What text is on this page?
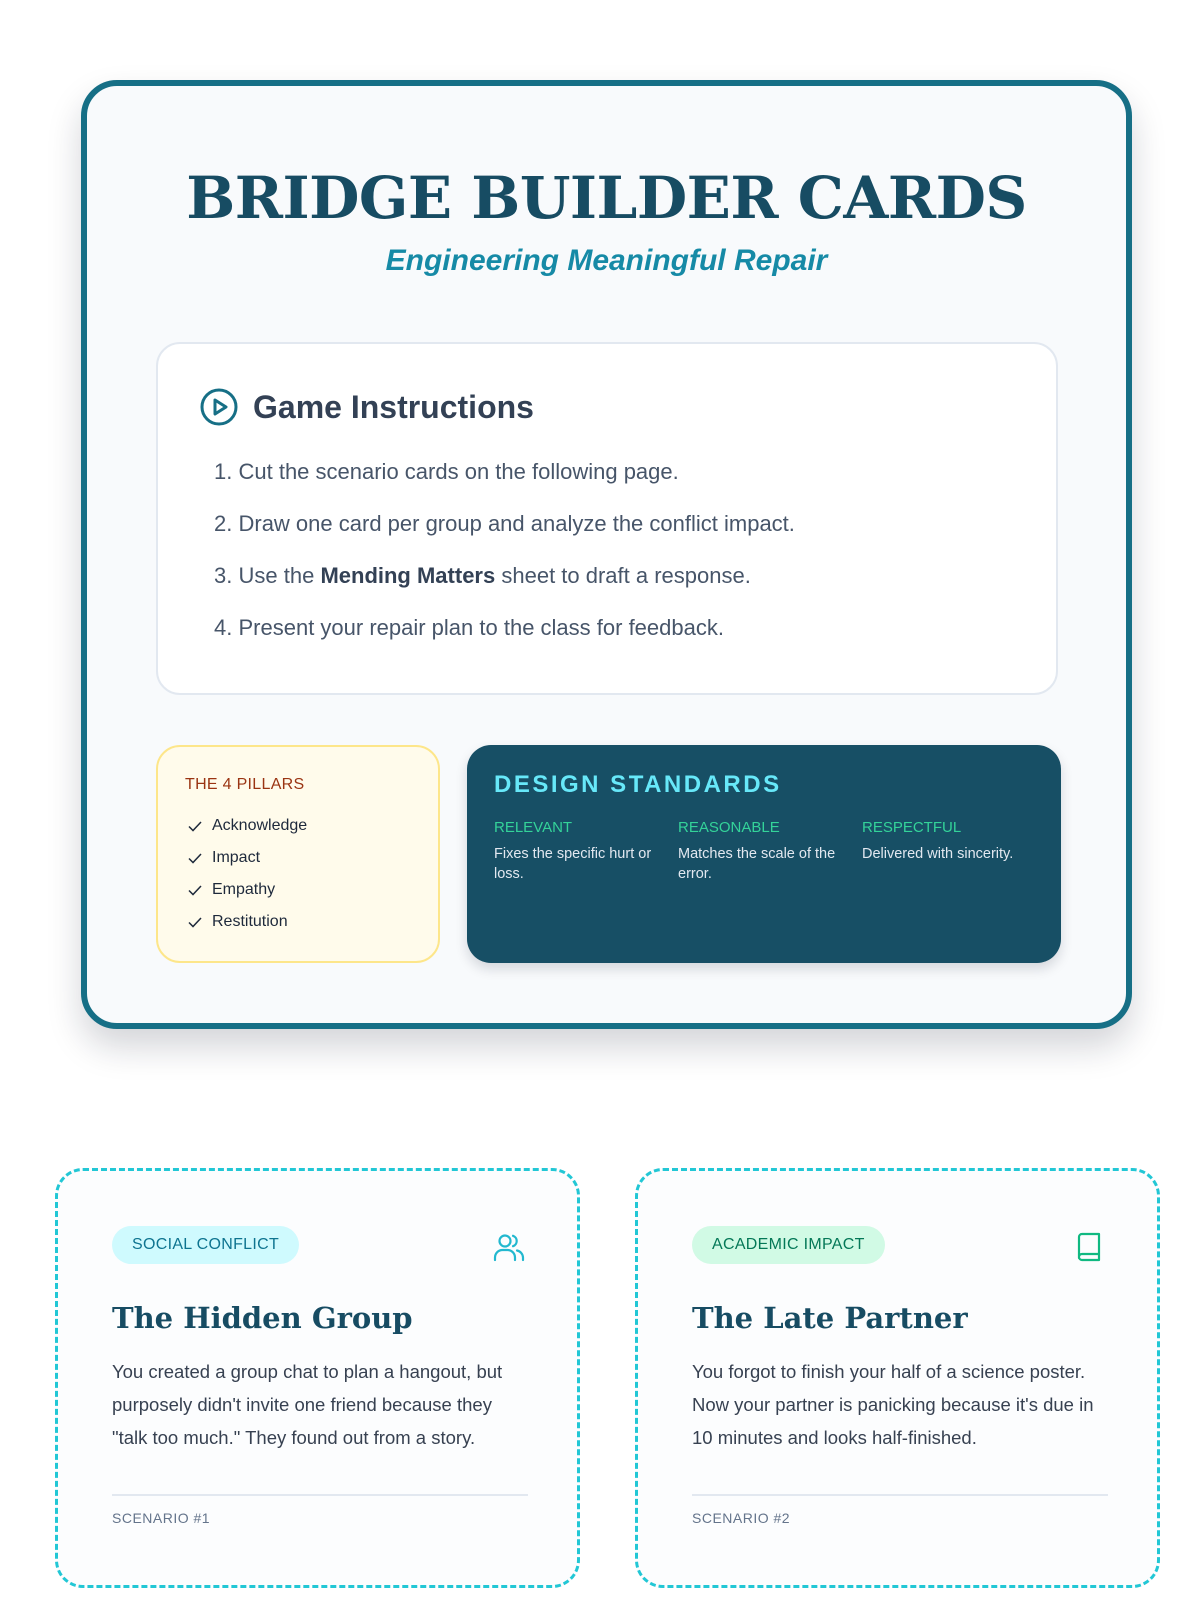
BRIDGE BUILDER CARDS
Engineering Meaningful Repair
Game Instructions
1. Cut the scenario cards on the following page.
2. Draw one card per group and analyze the conflict impact.
3. Use the Mending Matters sheet to draft a response.
4. Present your repair plan to the class for feedback.
THE 4 PILLARS
Acknowledge
Impact
Empathy
Restitution
DESIGN STANDARDS
RELEVANT
Fixes the specific hurt or loss.
REASONABLE
Matches the scale of the error.
RESPECTFUL
Delivered with sincerity.
SOCIAL CONFLICT
The Hidden Group

You created a group chat to plan a hangout, but purposely didn't invite one friend because they "talk too much." They found out from a story.

SCENARIO #1
ACADEMIC IMPACT
The Late Partner

You forgot to finish your half of a science poster. Now your partner is panicking because it's due in 10 minutes and looks half-finished.

SCENARIO #2
